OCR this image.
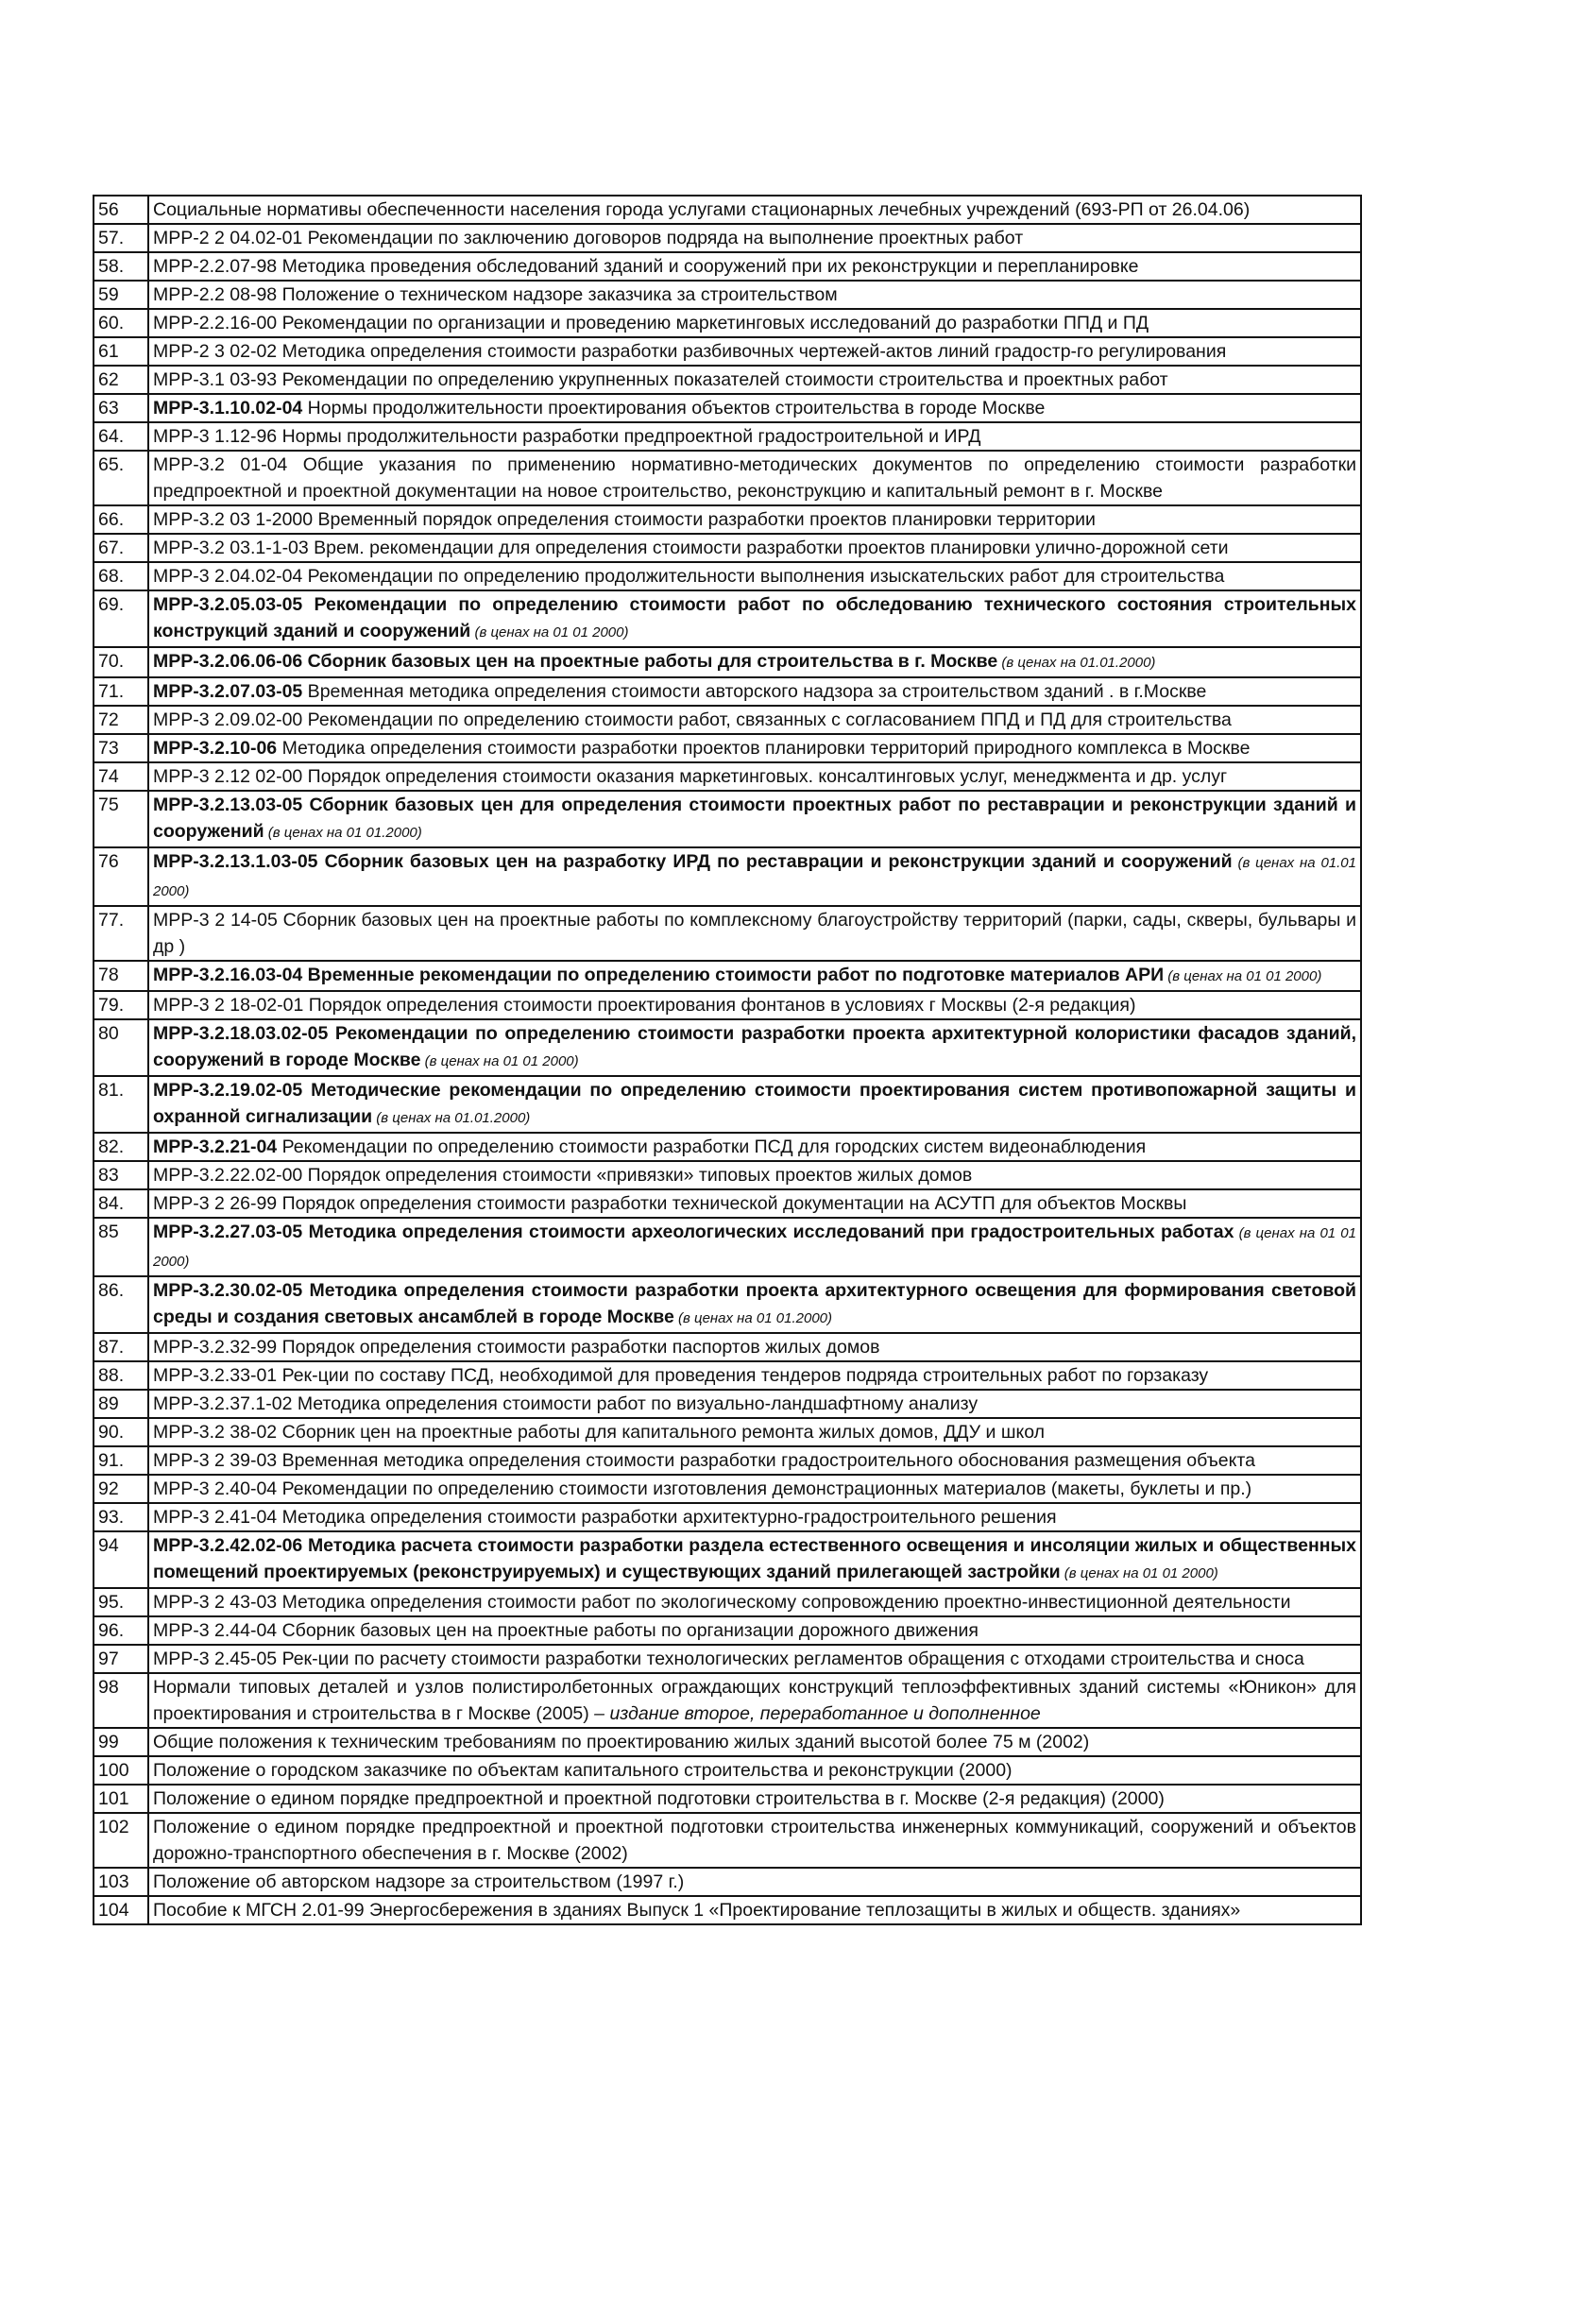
56	Социальные нормативы обеспеченности населения города услугами стационарных лечебных учреждений (693-РП от 26.04.06)
57.	МРР-2 2 04.02-01 Рекомендации по заключению договоров подряда на выполнение проектных работ
58.	МРР-2.2.07-98 Методика проведения обследований зданий и сооружений при их реконструкции и перепланировке
59	МРР-2.2 08-98 Положение о техническом надзоре заказчика за строительством
60.	МРР-2.2.16-00 Рекомендации по организации и проведению маркетинговых исследований до разработки ППД и ПД
61	МРР-2 3 02-02 Методика определения стоимости разработки разбивочных чертежей-актов линий градостр-го регулирования
62	МРР-3.1 03-93 Рекомендации по определению укрупненных показателей стоимости строительства и проектных работ
63	МРР-3.1.10.02-04 Нормы продолжительности проектирования объектов строительства в городе Москве
64.	МРР-3 1.12-96 Нормы продолжительности разработки предпроектной градостроительной и ИРД
65.	МРР-3.2 01-04 Общие указания по применению нормативно-методических документов по определению стоимости разработки предпроектной и проектной документации на новое строительство, реконструкцию и капитальный ремонт в г. Москве
66.	МРР-3.2 03 1-2000 Временный порядок определения стоимости разработки проектов планировки территории
67.	МРР-3.2 03.1-1-03 Врем. рекомендации для определения стоимости разработки проектов планировки улично-дорожной сети
68.	МРР-3 2.04.02-04 Рекомендации по определению продолжительности выполнения изыскательских работ для строительства
69.	МРР-3.2.05.03-05 Рекомендации по определению стоимости работ по обследованию технического состояния строительных конструкций зданий и сооружений (в ценах на 01 01 2000)
70.	МРР-3.2.06.06-06 Сборник базовых цен на проектные работы для строительства в г. Москве (в ценах на 01.01.2000)
71.	МРР-3.2.07.03-05 Временная методика определения стоимости авторского надзора за строительством зданий . в г.Москве
72	МРР-3 2.09.02-00 Рекомендации по определению стоимости работ, связанных с согласованием ППД и ПД для строительства
73	МРР-3.2.10-06 Методика определения стоимости разработки проектов планировки территорий природного комплекса в Москве
74	МРР-3 2.12 02-00 Порядок определения стоимости оказания маркетинговых. консалтинговых услуг, менеджмента и др. услуг
75	МРР-3.2.13.03-05 Сборник базовых цен для определения стоимости проектных работ по реставрации и реконструкции зданий и сооружений (в ценах на 01 01.2000)
76	МРР-3.2.13.1.03-05 Сборник базовых цен на разработку ИРД по реставрации и реконструкции зданий и сооружений (в ценах на 01.01 2000)
77.	МРР-3 2 14-05 Сборник базовых цен на проектные работы по комплексному благоустройству территорий (парки, сады, скверы, бульвары и др )
78	МРР-3.2.16.03-04 Временные рекомендации по определению стоимости работ по подготовке материалов АРИ (в ценах на 01 01 2000)
79.	МРР-3 2 18-02-01 Порядок определения стоимости проектирования фонтанов в условиях г Москвы (2-я редакция)
80	МРР-3.2.18.03.02-05 Рекомендации по определению стоимости разработки проекта архитектурной колористики фасадов зданий, сооружений в городе Москве (в ценах на 01 01 2000)
81.	МРР-3.2.19.02-05 Методические рекомендации по определению стоимости проектирования систем противопожарной защиты и охранной сигнализации (в ценах на 01.01.2000)
82.	МРР-3.2.21-04 Рекомендации по определению стоимости разработки ПСД для городских систем видеонаблюдения
83	МРР-3.2.22.02-00 Порядок определения стоимости «привязки» типовых проектов жилых домов
84.	МРР-3 2 26-99 Порядок определения стоимости разработки технической документации на АСУТП для объектов Москвы
85	МРР-3.2.27.03-05 Методика определения стоимости археологических исследований при градостроительных работах (в ценах на 01 01 2000)
86.	МРР-3.2.30.02-05 Методика определения стоимости разработки проекта архитектурного освещения для формирования световой среды и создания световых ансамблей в городе Москве (в ценах на 01 01.2000)
87.	МРР-3.2.32-99 Порядок определения стоимости разработки паспортов жилых домов
88.	МРР-3.2.33-01 Рек-ции по составу ПСД, необходимой для проведения тендеров подряда строительных работ по горзаказу
89	МРР-3.2.37.1-02 Методика определения стоимости работ по визуально-ландшафтному анализу
90.	МРР-3.2 38-02 Сборник цен на проектные работы для капитального ремонта жилых домов, ДДУ и школ
91.	МРР-3 2 39-03 Временная методика определения стоимости разработки градостроительного обоснования размещения объекта
92	МРР-3 2.40-04 Рекомендации по определению стоимости изготовления демонстрационных материалов (макеты, буклеты и пр.)
93.	МРР-3 2.41-04 Методика определения стоимости разработки архитектурно-градостроительного решения
94	МРР-3.2.42.02-06 Методика расчета стоимости разработки раздела естественного освещения и инсоляции жилых и общественных помещений проектируемых (реконструируемых) и существующих зданий прилегающей застройки (в ценах на 01 01 2000)
95.	МРР-3 2 43-03 Методика определения стоимости работ по экологическому сопровождению проектно-инвестиционной деятельности
96.	МРР-3 2.44-04 Сборник базовых цен на проектные работы по организации дорожного движения
97	МРР-3 2.45-05 Рек-ции по расчету стоимости разработки технологических регламентов обращения с отходами строительства и сноса
98	Нормали типовых деталей и узлов полистиролбетонных ограждающих конструкций теплоэффективных зданий системы «Юникон» для проектирования и строительства в г Москве (2005) – издание второе, переработанное и дополненное
99	Общие положения к техническим требованиям по проектированию жилых зданий высотой более 75 м (2002)
100	Положение о городском заказчике по объектам капитального строительства и реконструкции (2000)
101	Положение о едином порядке предпроектной и проектной подготовки строительства в г. Москве (2-я редакция) (2000)
102	Положение о едином порядке предпроектной и проектной подготовки строительства инженерных коммуникаций, сооружений и объектов дорожно-транспортного обеспечения в г. Москве (2002)
103	Положение об авторском надзоре за строительством (1997 г.)
104	Пособие к МГСН 2.01-99 Энергосбережения в зданиях Выпуск 1 «Проектирование теплозащиты в жилых и обществ. зданиях»
